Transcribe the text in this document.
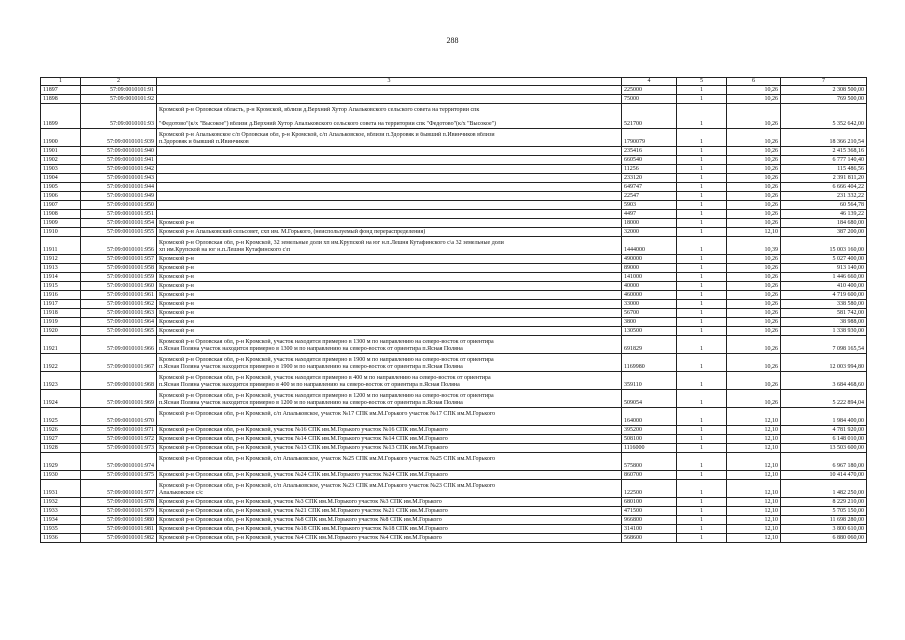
288
1	2	3	4	5	6	7
11897	57:09:0010101:91		225000	1	10,26	2 308 500,00
11898	57:09:0010101:92		75000	1	10,26	769 500,00
11899	57:09:0010101:93	Кромской р-н Орловская область, р-н Кромской, вблизи д.Верхний Хутор Апальковского сельского совета на территории спк

"Федотово"(к/х "Высокое") вблизи д.Верхний Хутор Апальковского сельского совета на территории спк "Федотово"(к/х "Высокое")	521700	1	10,26	5 352 642,00
11900	57:09:0010101:939	Кромской р-н Апальковское с/п Орловская обл, р-н Кромской, с/п Апальковское, вблизи п.Здоровяк и бывший п.Ивинчиков вблизи
п.Здоровяк и бывший п.Ивинчиков	1790079	1	10,26	18 366 210,54
11901	57:09:0010101:940		235416	1	10,26	2 415 368,16
11902	57:09:0010101:941		660540	1	10,26	6 777 140,40
11903	57:09:0010101:942		11256	1	10,26	115 486,56
11904	57:09:0010101:943		233120	1	10,26	2 391 811,20
11905	57:09:0010101:944		649747	1	10,26	6 666 404,22
11906	57:09:0010101:949		22547	1	10,26	231 332,22
11907	57:09:0010101:950		5903	1	10,26	60 564,78
11908	57:09:0010101:951		4497	1	10,26	46 139,22
11909	57:09:0010101:954	Кромской р-н	18000	1	10,26	184 680,00
11910	57:09:0010101:955	Кромской р-н Апальковский сельсовет, схп им. М.Горького, (неиспользуемый фонд перераспределения)	32000	1	12,10	387 200,00
11911	57:09:0010101:956	Кромской р-н Орловская обл, р-н Кромской, 32 земельные доли хп им.Крупской на юг н.п.Лешня Кутафинского с\а 32 земельные доли
хп им.Крупской на юг н.п.Лешня Кутафинского с\п	1444000	1	10,39	15 003 160,00
11912	57:09:0010101:957	Кромской р-н	490000	1	10,26	5 027 400,00
11913	57:09:0010101:958	Кромской р-н	89000	1	10,26	913 140,00
11914	57:09:0010101:959	Кромской р-н	141000	1	10,26	1 446 660,00
11915	57:09:0010101:960	Кромской р-н	40000	1	10,26	410 400,00
11916	57:09:0010101:961	Кромской р-н	460000	1	10,26	4 719 600,00
11917	57:09:0010101:962	Кромской р-н	33000	1	10,26	338 580,00
11918	57:09:0010101:963	Кромской р-н	56700	1	10,26	581 742,00
11919	57:09:0010101:964	Кромской р-н	3800	1	10,26	38 988,00
11920	57:09:0010101:965	Кромской р-н	130500	1	10,26	1 338 930,00
11921	57:09:0010101:966	Кромской р-н Орловская обл, р-н Кромской, участок находится примерно в 1300 м по направлению на северо-восток от ориентира
п.Ясная Поляна участок находится примерно в 1300 м по направлению на северо-восток от ориентира п.Ясная Поляна	691829	1	10,26	7 098 165,54
11922	57:09:0010101:967	Кромской р-н Орловская обл, р-н Кромской, участок находится примерно в 1900 м по направлению на северо-восток от ориентира
п.Ясная Поляна участок находится примерно в 1900 м по направлению на северо-восток от ориентира п.Ясная Поляна	1169980	1	10,26	12 003 994,80
11923	57:09:0010101:968	Кромской р-н Орловская обл, р-н Кромской, участок находится примерно в 400 м по направлению на северо-восток от ориентира
п.Ясная Поляна участок находится примерно в 400 м по направлению на северо-восток от ориентира п.Ясная Поляна	359110	1	10,26	3 684 468,60
11924	57:09:0010101:969	Кромской р-н Орловская обл, р-н Кромской, участок находится примерно в 1200 м по направлению на северо-восток от ориентира
п.Ясная Поляна участок находится примерно в 1200 м по направлению на северо-восток от ориентира п.Ясная Поляна	509054	1	10,26	5 222 894,04
11925	57:09:0010101:970	Кромской р-н Орловская обл, р-н Кромской, с/п Апальковское, участок №17 СПК им.М.Горького участок №17 СПК им.М.Горького	164000	1	12,10	1 984 400,00
11926	57:09:0010101:971	Кромской р-н Орловская обл, р-н Кромской, участок №16 СПК им.М.Горького участок №16 СПК им.М.Горького	395200	1	12,10	4 781 920,00
11927	57:09:0010101:972	Кромской р-н Орловская обл, р-н Кромской, участок №14 СПК им.М.Горького участок №14 СПК им.М.Горького	508100	1	12,10	6 148 010,00
11928	57:09:0010101:973	Кромской р-н Орловская обл, р-н Кромской, участок №13 СПК им.М.Горького участок №13 СПК им.М.Горького	1116000	1	12,10	13 503 600,00
11929	57:09:0010101:974	Кромской р-н Орловская обл, р-н Кромской, с/п Апальковское, участок №25 СПК им.М.Горького участок №25 СПК им.М.Горького	575800	1	12,10	6 967 180,00
11930	57:09:0010101:975	Кромской р-н Орловская обл, р-н Кромской, участок №24 СПК им.М.Горького участок №24 СПК им.М.Горького	860700	1	12,10	10 414 470,00
11931	57:09:0010101:977	Кромской р-н Орловская обл, р-н Кромской, с/п Апальковское, участок №23 СПК им.М.Горького участок №23 СПК им.М.Горького
Апальковское с/с	122500	1	12,10	1 482 250,00
11932	57:09:0010101:978	Кромской р-н Орловская обл, р-н Кромской, участок №3 СПК им.М.Горького участок №3 СПК им.М.Горького	680100	1	12,10	8 229 210,00
11933	57:09:0010101:979	Кромской р-н Орловская обл, р-н Кромской, участок №21 СПК им.М.Горького участок №21 СПК им.М.Горького	471500	1	12,10	5 705 150,00
11934	57:09:0010101:980	Кромской р-н Орловская обл, р-н Кромской, участок №8 СПК им.М.Горького участок №8 СПК им.М.Горького	966800	1	12,10	11 698 280,00
11935	57:09:0010101:981	Кромской р-н Орловская обл, р-н Кромской, участок №18 СПК им.М.Горького участок №18 СПК им.М.Горького	314100	1	12,10	3 800 610,00
11936	57:09:0010101:982	Кромской р-н Орловская обл, р-н Кромской, участок №4 СПК им.М.Горького участок №4 СПК им.М.Горького	568600	1	12,10	6 880 060,00
